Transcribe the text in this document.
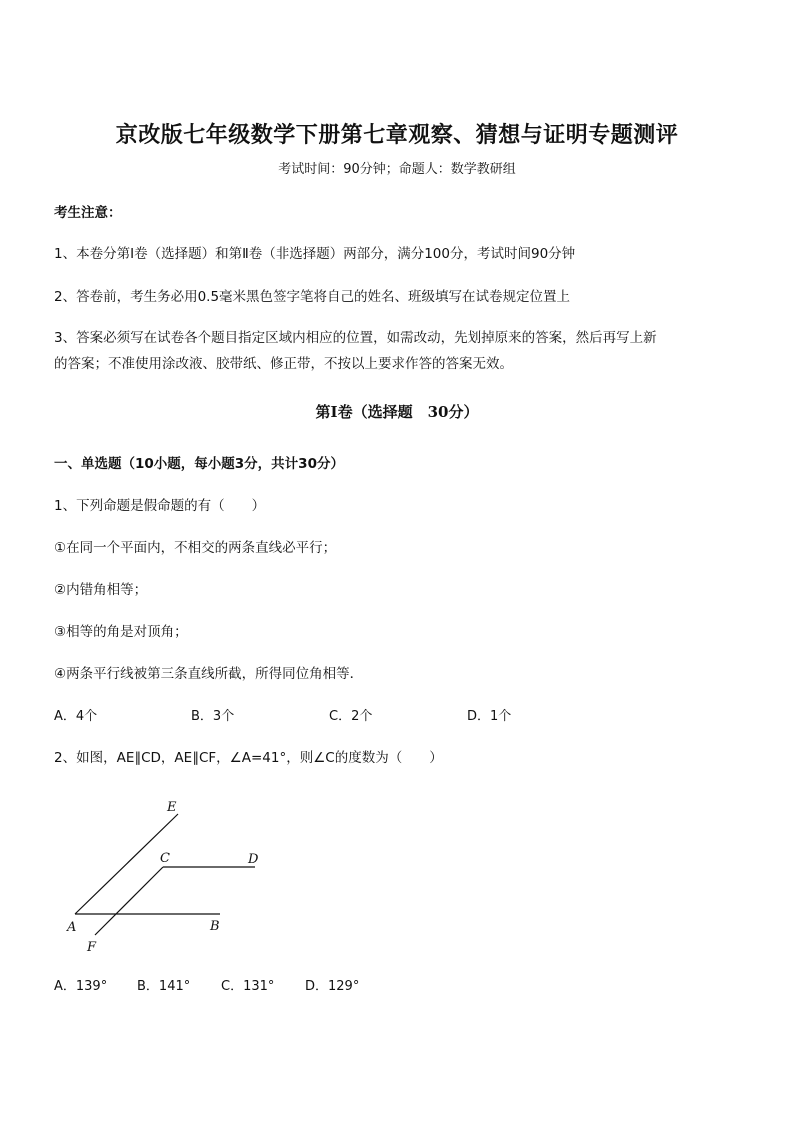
京改版七年级数学下册第七章观察、猜想与证明专题测评
考试时间：90分钟；命题人：数学教研组
考生注意：
1、本卷分第Ⅰ卷（选择题）和第Ⅱ卷（非选择题）两部分，满分100分，考试时间90分钟
2、答卷前，考生务必用0.5毫米黑色签字笔将自己的姓名、班级填写在试卷规定位置上
3、答案必须写在试卷各个题目指定区域内相应的位置，如需改动，先划掉原来的答案，然后再写上新
的答案；不准使用涂改液、胶带纸、修正带，不按以上要求作答的答案无效。
第Ⅰ卷（选择题　30分）
一、单选题（10小题，每小题3分，共计30分）
1、下列命题是假命题的有（　　）
①在同一个平面内，不相交的两条直线必平行；
②内错角相等；
③相等的角是对顶角；
④两条平行线被第三条直线所截，所得同位角相等．
A．4个	B．3个	C．2个	D．1个
2、如图，AE∥CD，AE∥CF，∠A=41°，则∠C的度数为（　　）
E
C	D
A	B
F
A．139° B．141° C．131° D．129°
